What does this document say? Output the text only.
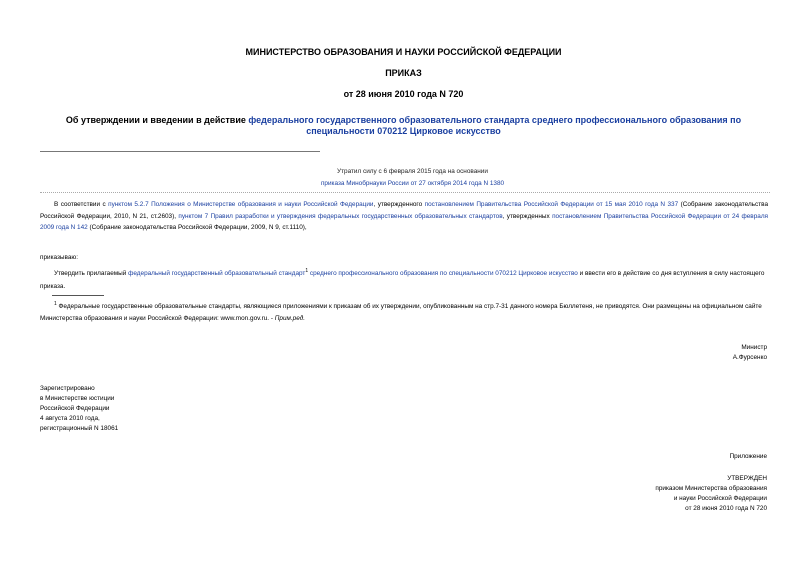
МИНИСТЕРСТВО ОБРАЗОВАНИЯ И НАУКИ РОССИЙСКОЙ ФЕДЕРАЦИИ
ПРИКАЗ
от 28 июня 2010 года N 720
Об утверждении и введении в действие федерального государственного образовательного стандарта среднего профессионального образования по специальности 070212 Цирковое искусство
Утратил силу с 6 февраля 2015 года на основании
приказа Минобрнауки России от 27 октября 2014 года N 1380
В соответствии с пунктом 5.2.7 Положения о Министерстве образования и науки Российской Федерации, утвержденного постановлением Правительства Российской Федерации от 15 мая 2010 года N 337 (Собрание законодательства Российской Федерации, 2010, N 21, ст.2603), пунктом 7 Правил разработки и утверждения федеральных государственных образовательных стандартов, утвержденных постановлением Правительства Российской Федерации от 24 февраля 2009 года N 142 (Собрание законодательства Российской Федерации, 2009, N 9, ст.1110),
приказываю:
Утвердить прилагаемый федеральный государственный образовательный стандарт$^1$ среднего профессионального образования по специальности 070212 Цирковое искусство и ввести его в действие со дня вступления в силу настоящего приказа.
$^1$ Федеральные государственные образовательные стандарты, являющиеся приложениями к приказам об их утверждении, опубликованным на стр.7-31 данного номера Бюллетеня, не приводятся. Они размещены на официальном сайте Министерства образования и науки Российской Федерации: www.mon.gov.ru. - Прим.ред.
Министр
А.Фурсенко
Зарегистрировано
в Министерстве юстиции
Российской Федерации
4 августа 2010 года,
регистрационный N 18061
Приложение
УТВЕРЖДЕН
приказом Министерства образования
и науки Российской Федерации
от 28 июня 2010 года N 720
